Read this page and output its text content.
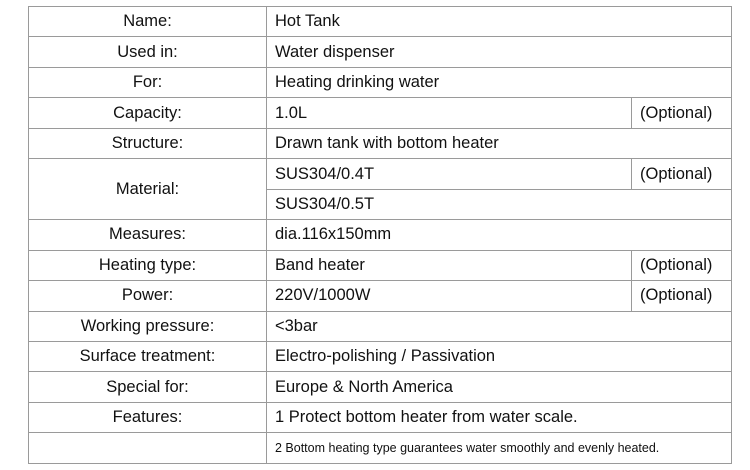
Name:	Hot Tank	
Used in:	Water dispenser	
For:	Heating drinking water	
Capacity:	1.0L	(Optional)
Structure:	Drawn tank with bottom heater	
Material:	SUS304/0.4T	(Optional)
	SUS304/0.5T	
Measures:	dia.116x150mm	
Heating type:	Band heater	(Optional)
Power:	220V/1000W	(Optional)
Working pressure:	<3bar	
Surface treatment:	Electro-polishing / Passivation	
Special for:	Europe & North America	
Features:	1 Protect bottom heater from water scale.	
	2 Bottom heating type guarantees water smoothly and evenly heated.	
